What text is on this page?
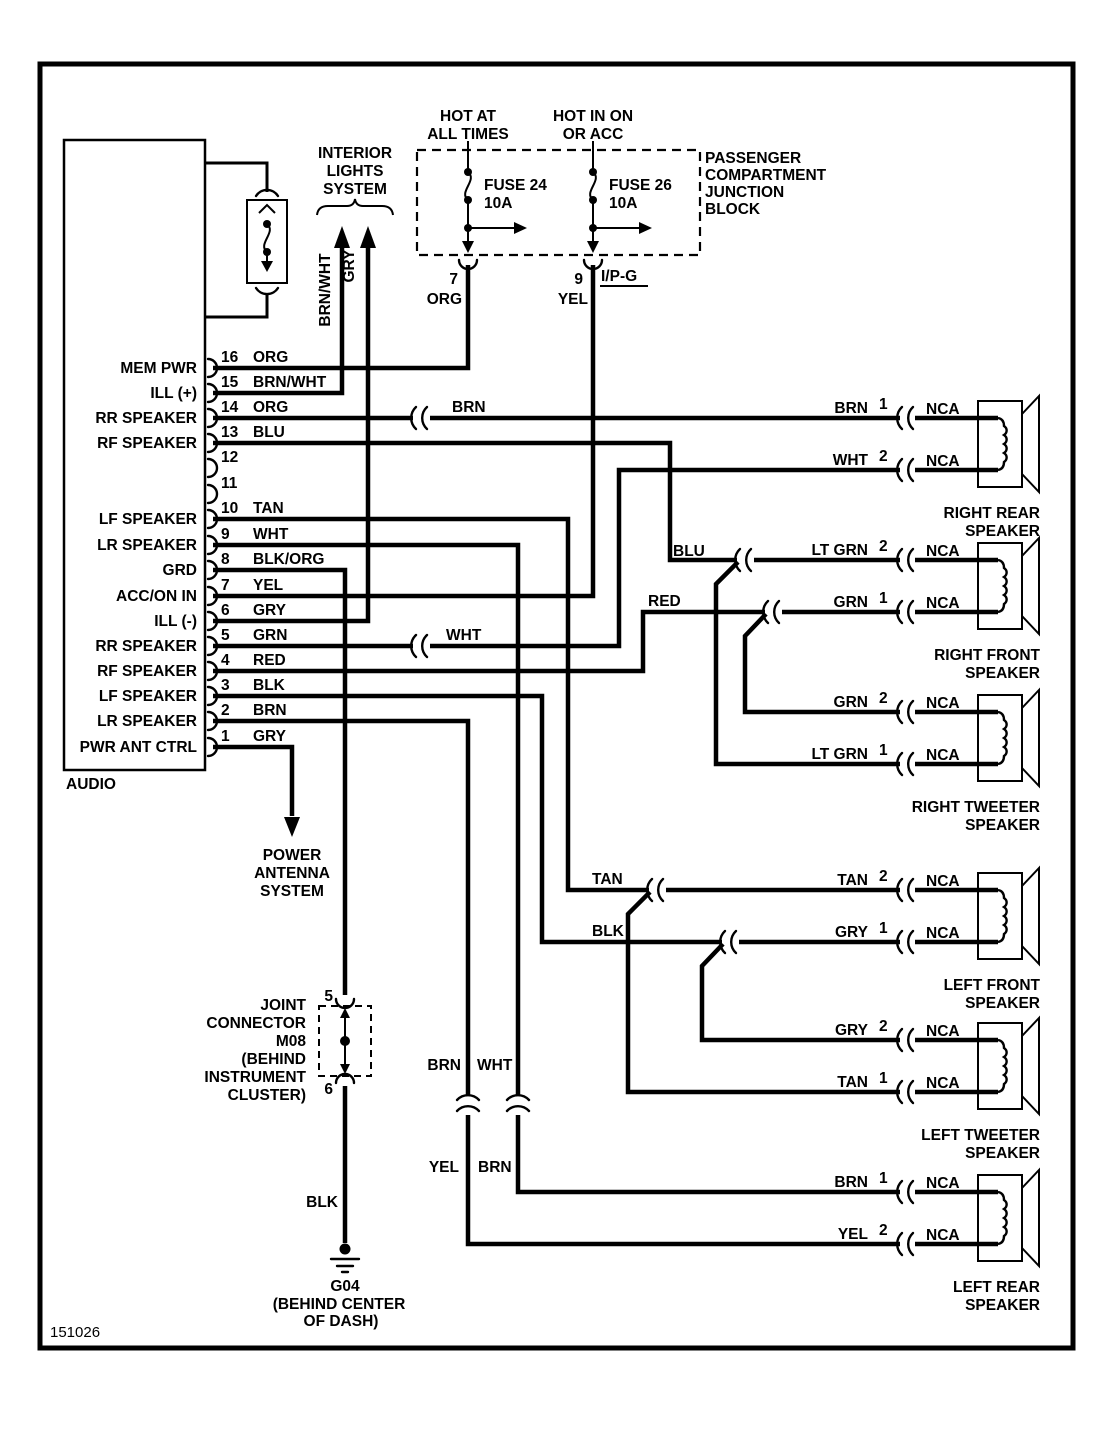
151026
AUDIO
MEM PWR
16 ORG
ILL (+)
15 BRN/WHT
RR SPEAKER
14 ORG
RF SPEAKER
13 BLU
12
11
LF SPEAKER
10 TAN
LR SPEAKER
9 WHT
GRD
8 BLK/ORG
ACC/ON IN
7 YEL
ILL (-)
6 GRY
RR SPEAKER
5 GRN
RF SPEAKER
4 RED
LF SPEAKER
3 BLK
LR SPEAKER
2 BRN
PWR ANT CTRL
1 GRY
PASSENGER
COMPARTMENT
JUNCTION
BLOCK
HOT AT
ALL TIMES
7
FUSE 24
10A
ORG
HOT IN ON
OR ACC
9 I/P-G
FUSE 26
10A
YEL
INTERIOR
LIGHTS
SYSTEM
BRN/WHT GRY
POWER
ANTENNA
SYSTEM
BRN
WHT
BLU
RED
TAN
BLK
BRN WHT
YEL BRN
JOINT
CONNECTOR
M08
(BEHIND
INSTRUMENT
CLUSTER)
5
6
BLK
G04
(BEHIND CENTER
OF DASH)
BRN 1 NCA
WHT 2 NCA
RIGHT REAR
SPEAKER
LT GRN 2 NCA
GRN 1 NCA
RIGHT FRONT
SPEAKER
GRN 2 NCA
LT GRN 1 NCA
RIGHT TWEETER
SPEAKER
TAN 2 NCA
GRY 1 NCA
LEFT FRONT
SPEAKER
GRY 2 NCA
TAN 1 NCA
LEFT TWEETER
SPEAKER
BRN 1 NCA
YEL 2 NCA
LEFT REAR
SPEAKER
